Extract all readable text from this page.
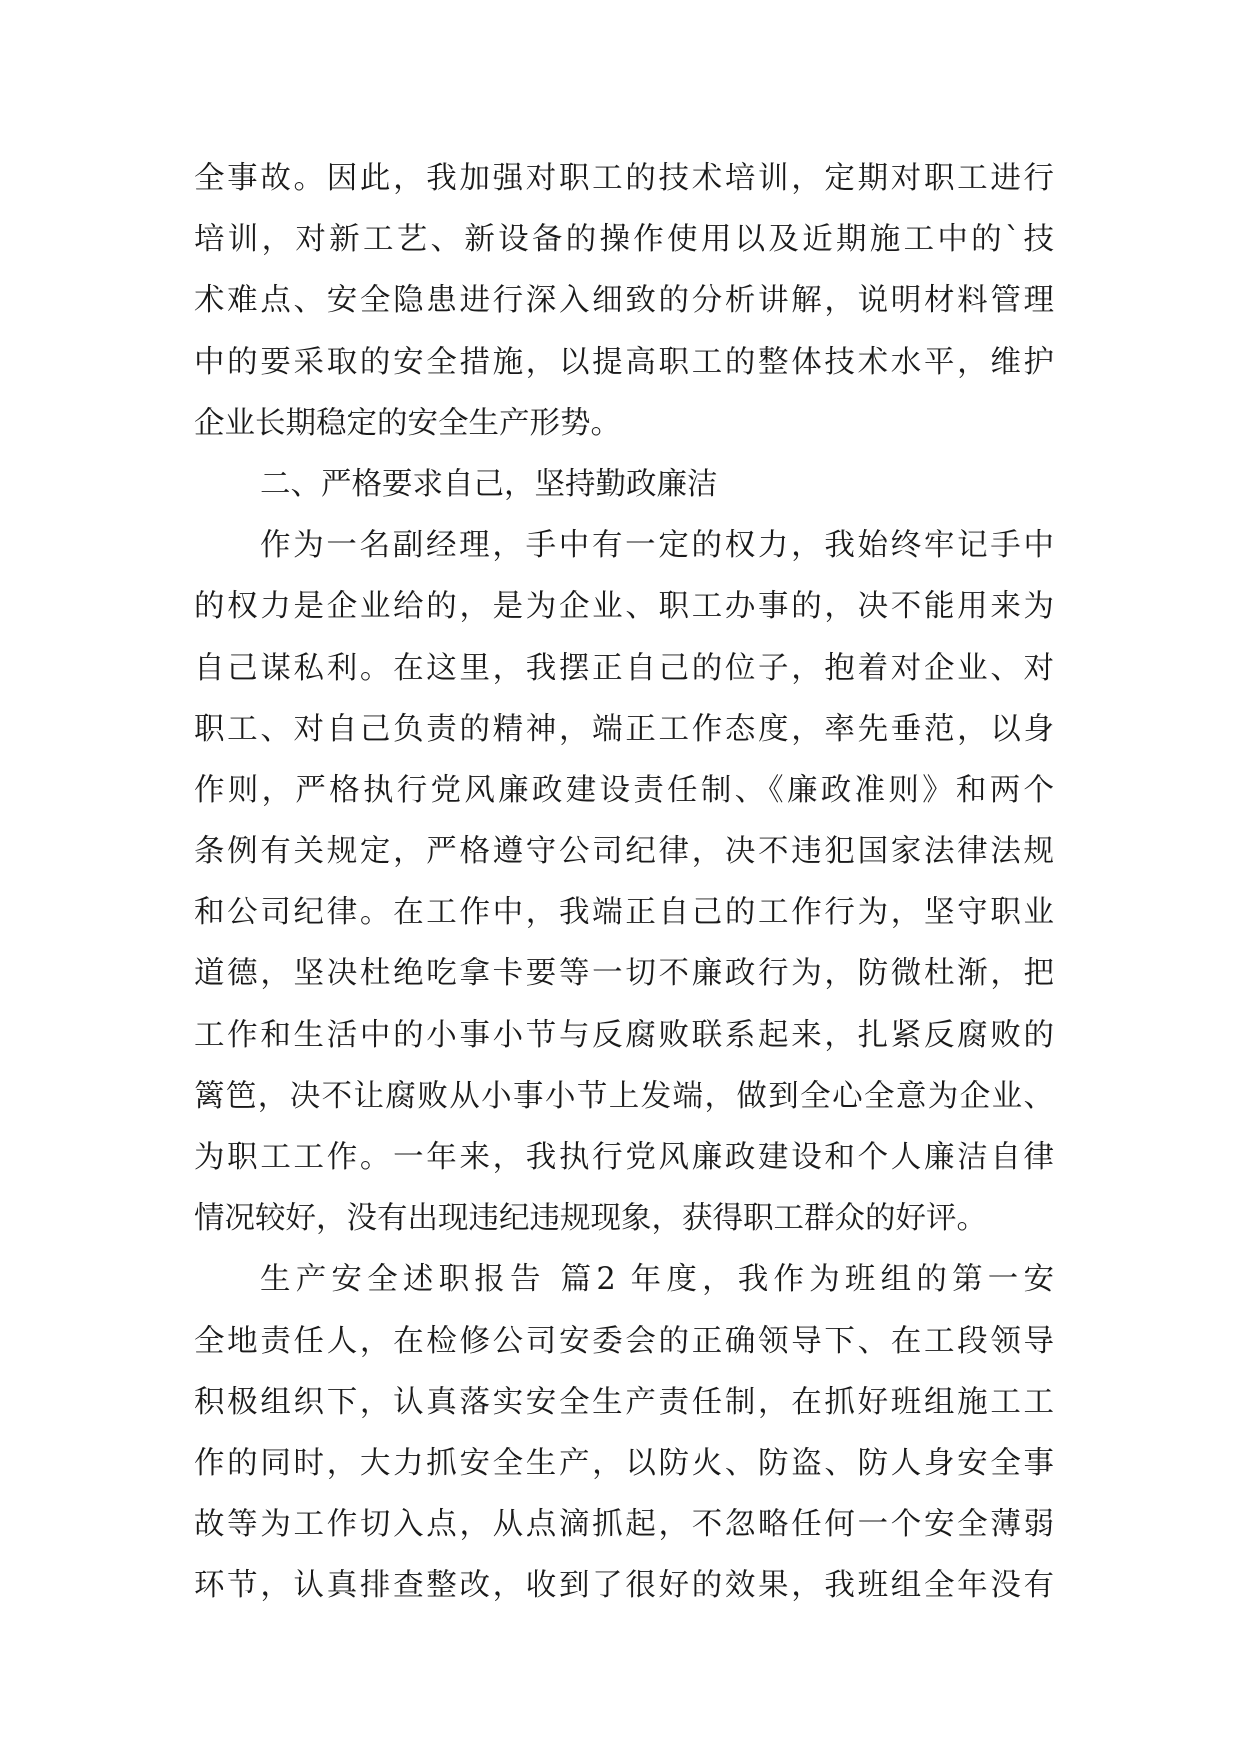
全事故。因此，我加强对职工的技术培训，定期对职工进行
培训，对新工艺、新设备的操作使用以及近期施工中的`技
术难点、安全隐患进行深入细致的分析讲解，说明材料管理
中的要采取的安全措施，以提高职工的整体技术水平，维护
企业长期稳定的安全生产形势。
二、严格要求自己，坚持勤政廉洁
作为一名副经理，手中有一定的权力，我始终牢记手中
的权力是企业给的，是为企业、职工办事的，决不能用来为
自己谋私利。在这里，我摆正自己的位子，抱着对企业、对
职工、对自己负责的精神，端正工作态度，率先垂范，以身
作则，严格执行党风廉政建设责任制、《廉政准则》和两个
条例有关规定，严格遵守公司纪律，决不违犯国家法律法规
和公司纪律。在工作中，我端正自己的工作行为，坚守职业
道德，坚决杜绝吃拿卡要等一切不廉政行为，防微杜渐，把
工作和生活中的小事小节与反腐败联系起来，扎紧反腐败的
篱笆，决不让腐败从小事小节上发端，做到全心全意为企业、
为职工工作。一年来，我执行党风廉政建设和个人廉洁自律
情况较好，没有出现违纪违规现象，获得职工群众的好评。
生产安全述职报告 篇2 年度，我作为班组的第一安
全地责任人，在检修公司安委会的正确领导下、在工段领导
积极组织下，认真落实安全生产责任制，在抓好班组施工工
作的同时，大力抓安全生产，以防火、防盗、防人身安全事
故等为工作切入点，从点滴抓起，不忽略任何一个安全薄弱
环节，认真排查整改，收到了很好的效果，我班组全年没有
